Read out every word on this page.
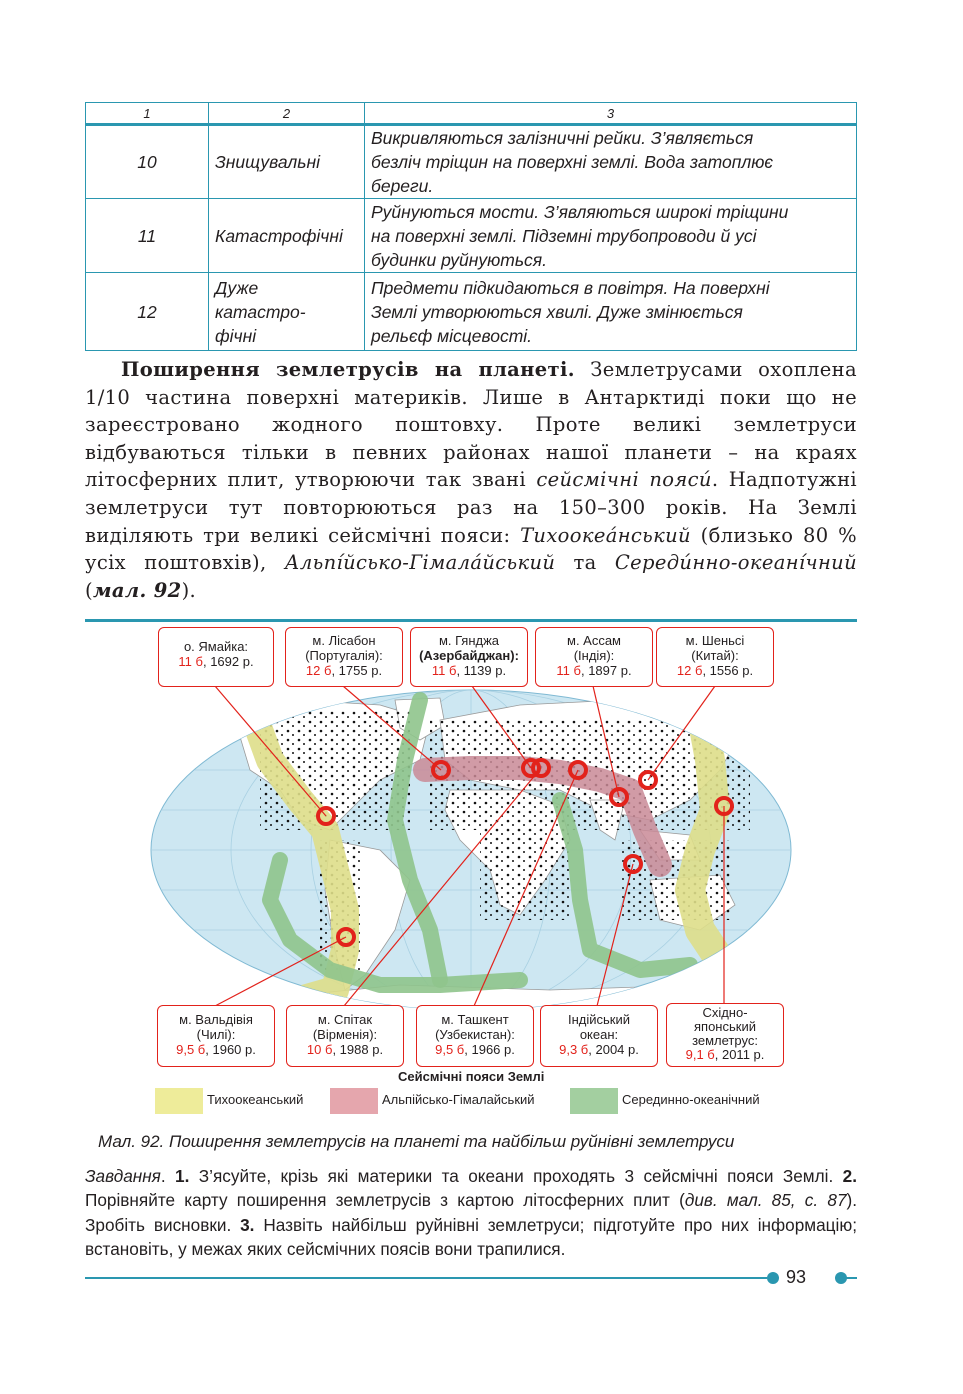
1	2	3
10	Знищувальні	Викривляються залізничні рейки. З’являється
безліч тріщин на поверхні землі. Вода затоплює
береги.
11	Катастрофічні	Руйнуються мости. З’являються широкі тріщини
на поверхні землі. Підземні трубопроводи й усі
будинки руйнуються.
12	Дуже
катастро-
фічні	Предмети підкидаються в повітря. На поверхні
Землі утворюються хвилі. Дуже змінюється
рельєф місцевості.

Поширення землетрусів на планеті. Землетрусами охоплена 1/10 частина поверхні материків. Лише в Антарктиді поки що не зареєстровано жодного поштовху. Проте великі землетруси відбуваються тільки в певних районах нашої планети – на краях літосферних плит, утворюючи так звані сейсмічні пояси́. Надпотужні землетруси тут повторюються раз на 150–300 років. На Землі виділяють три великі сейсмічні пояси: Тихоокеа́нський (близько 80 % усіх поштовхів), Альпі́йсько-Гімала́йський та Середи́нно-океані́чний (мал. 92).

о. Ямайка:
11 б, 1692 р.
м. Лісабон
(Португалія):
12 б, 1755 р.
м. Гянджа
(Азербайджан):
11 б, 1139 р.
м. Ассам
(Індія):
11 б, 1897 р.
м. Шеньсі
(Китай):
12 б, 1556 р.
м. Вальдівія
(Чилі):
9,5 б, 1960 р.
м. Спітак
(Вірменія):
10 б, 1988 р.
м. Ташкент
(Узбекистан):
9,5 б, 1966 р.
Індійський
океан:
9,3 б, 2004 р.
Східно-
японський
землетрус:
9,1 б, 2011 р.
Сейсмічні пояси Землі
Тихоокеанський	Альпійсько-Гімалайський	Серединно-океанічний
Мал. 92. Поширення землетрусів на планеті та найбільш руйнівні землетруси
Завдання. 1. З’ясуйте, крізь які материки та океани проходять 3 сейсмічні пояси Землі. 2. Порівняйте карту поширення землетрусів з картою літосферних плит (див. мал. 85, с. 87). Зробіть висновки. 3. Назвіть найбільш руйнівні землетруси; підготуйте про них інформацію; встановіть, у межах яких сейсмічних поясів вони трапилися.
93
